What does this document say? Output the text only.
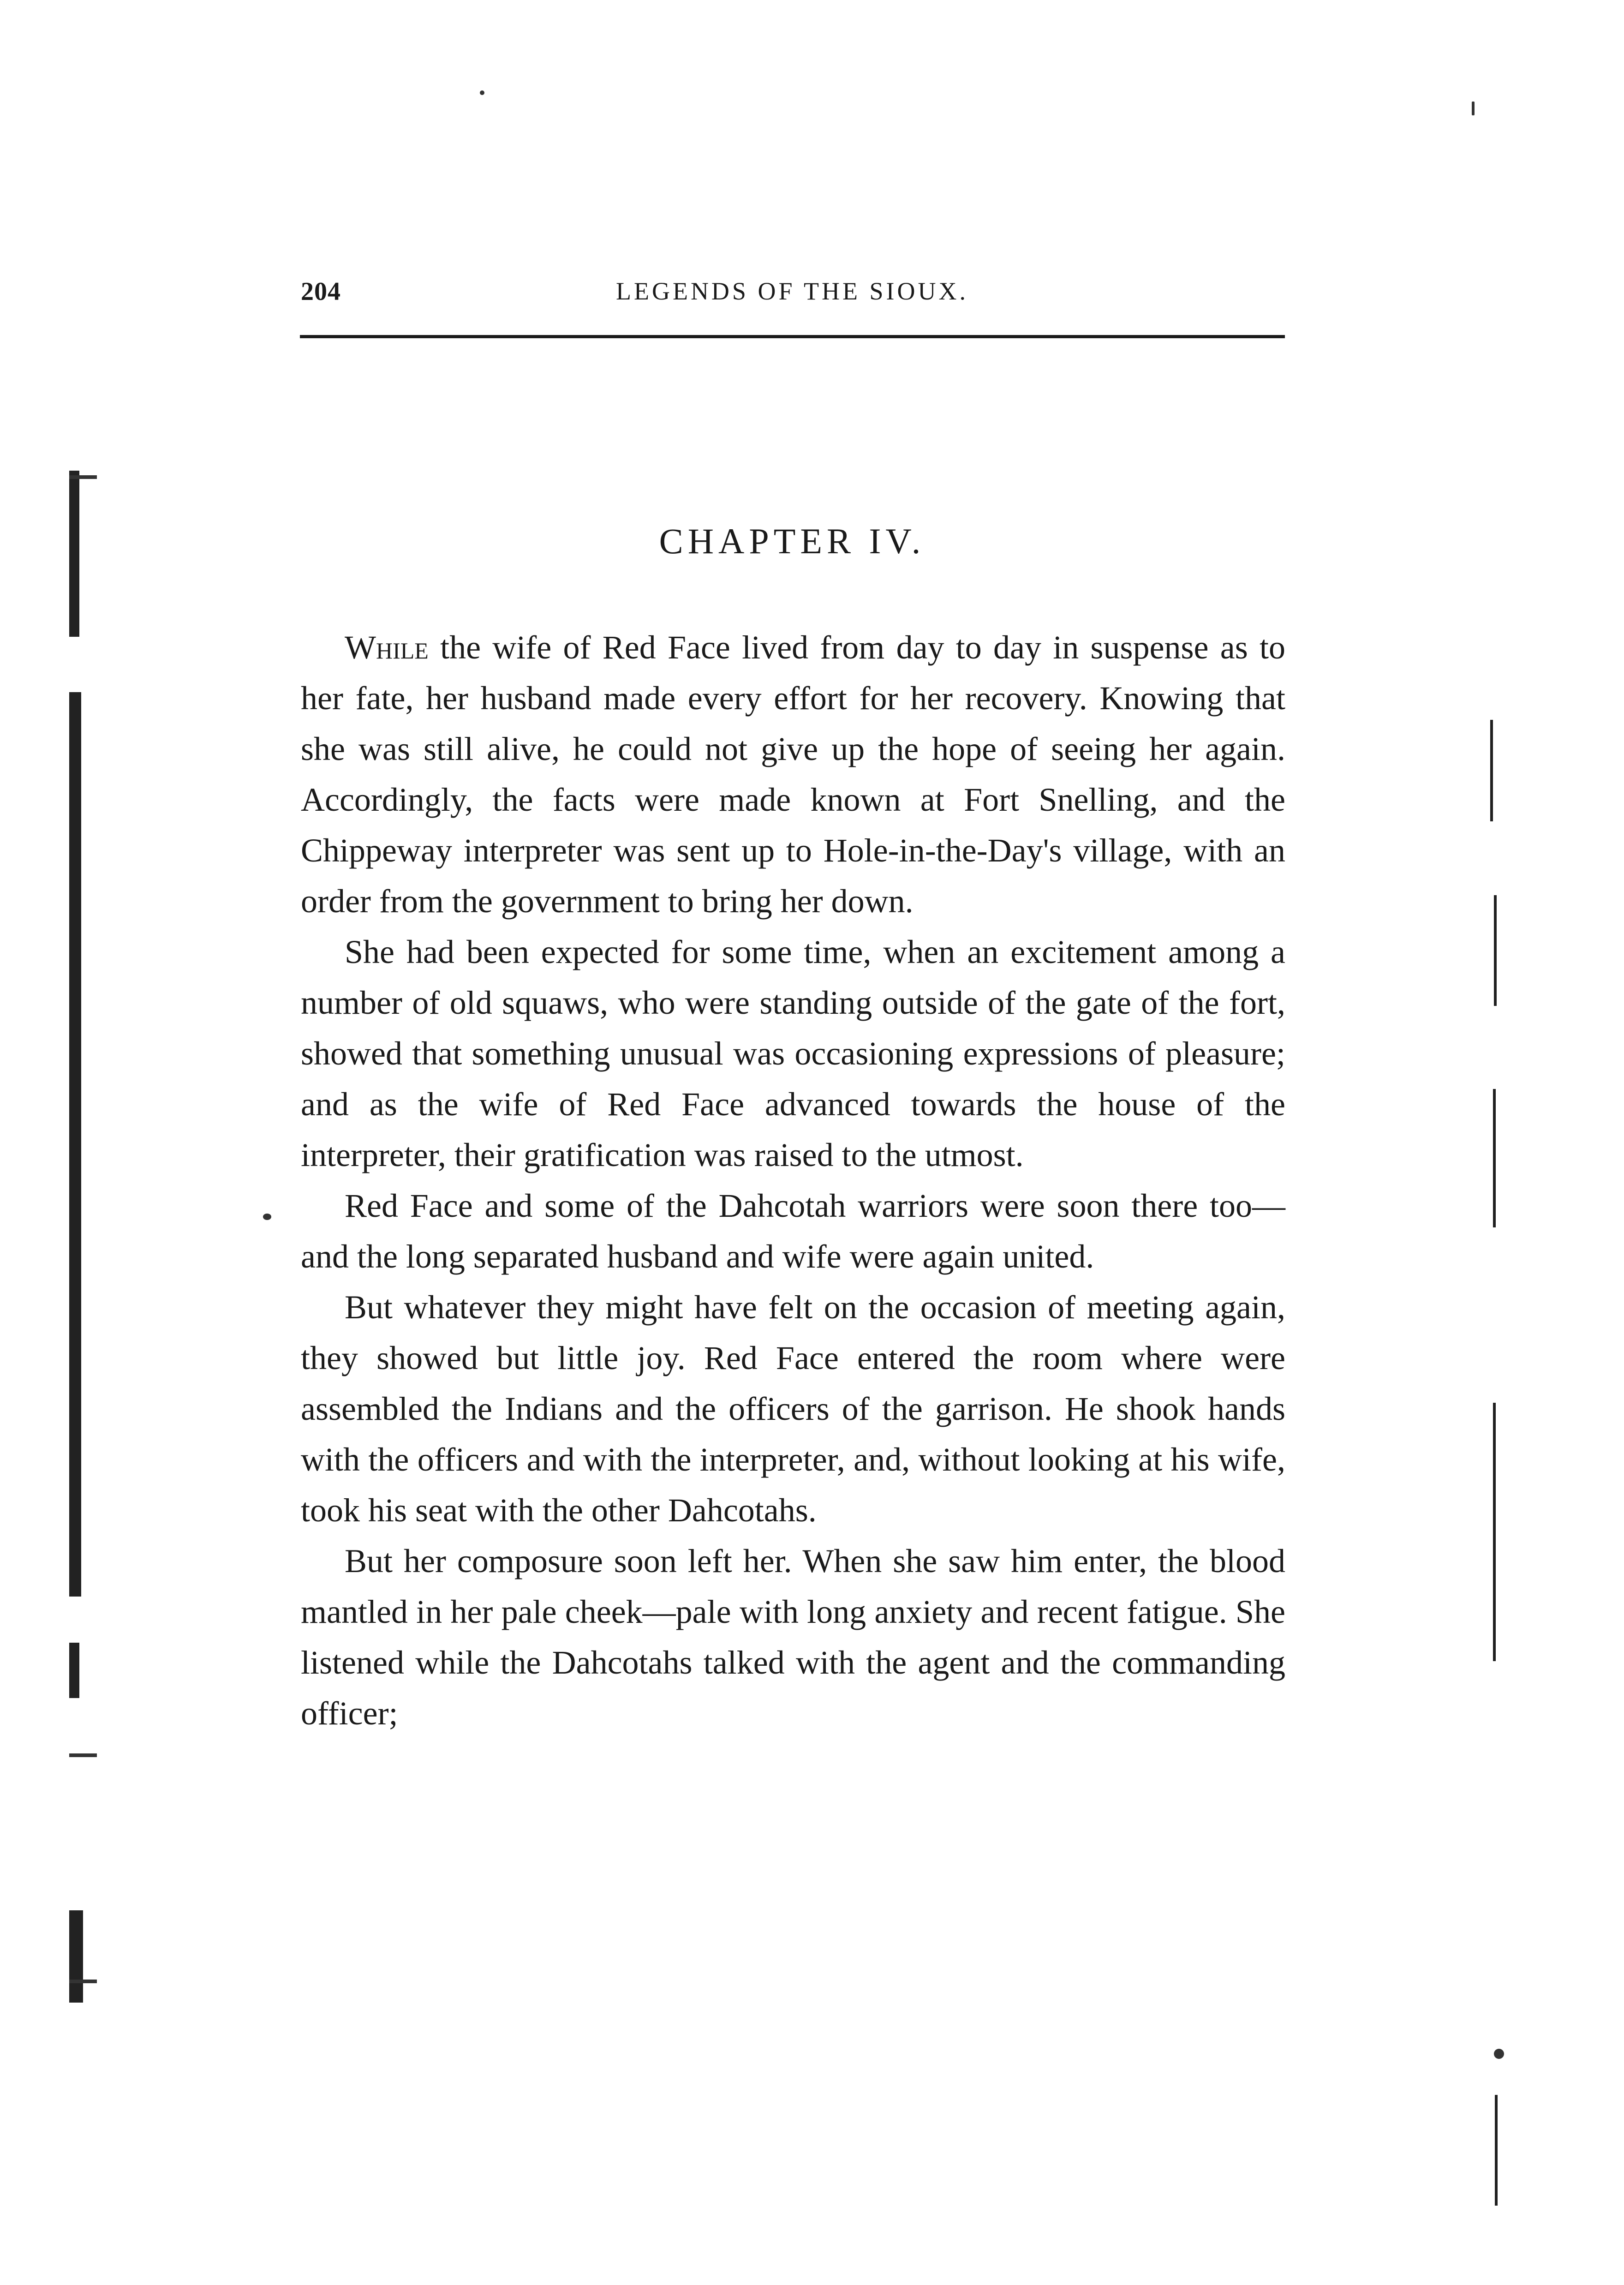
204	LEGENDS OF THE SIOUX.
CHAPTER IV.

While the wife of Red Face lived from day to day in suspense as to her fate, her husband made every effort for her recovery. Knowing that she was still alive, he could not give up the hope of seeing her again. Accordingly, the facts were made known at Fort Snelling, and the Chippeway interpreter was sent up to Hole-in-the-Day's village, with an order from the government to bring her down.

She had been expected for some time, when an excitement among a number of old squaws, who were standing outside of the gate of the fort, showed that something unusual was occasioning expressions of pleasure; and as the wife of Red Face advanced towards the house of the interpreter, their gratification was raised to the utmost.

Red Face and some of the Dahcotah warriors were soon there too—and the long separated husband and wife were again united.

But whatever they might have felt on the occasion of meeting again, they showed but little joy. Red Face entered the room where were assembled the Indians and the officers of the garrison. He shook hands with the officers and with the interpreter, and, without looking at his wife, took his seat with the other Dahcotahs.

But her composure soon left her. When she saw him enter, the blood mantled in her pale cheek—pale with long anxiety and recent fatigue. She listened while the Dahcotahs talked with the agent and the commanding officer;
